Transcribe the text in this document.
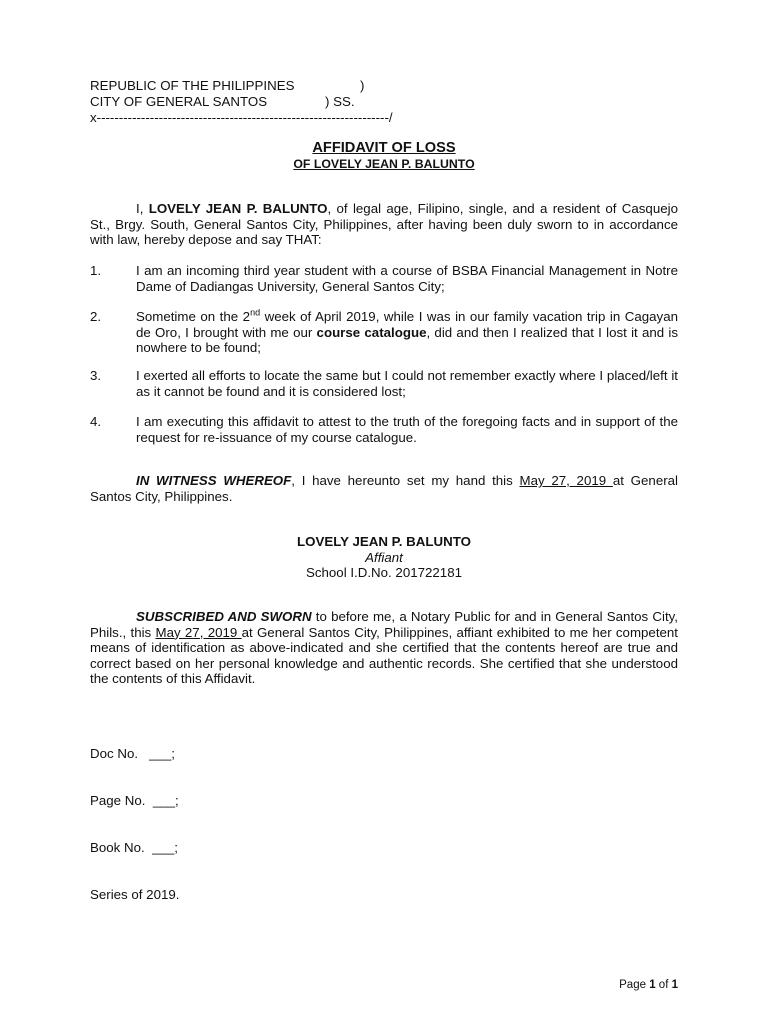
REPUBLIC OF THE PHILIPPINES	)
CITY OF GENERAL SANTOS	) SS.
x------------------------------------------------------------------/
AFFIDAVIT OF LOSS
OF LOVELY JEAN P. BALUNTO
I, LOVELY JEAN P. BALUNTO, of legal age, Filipino, single, and a resident of Casquejo St., Brgy. South, General Santos City, Philippines, after having been duly sworn to in accordance with law, hereby depose and say THAT:
1.	I am an incoming third year student with a course of BSBA Financial Management in Notre Dame of Dadiangas University, General Santos City;
2.	Sometime on the 2nd week of April 2019, while I was in our family vacation trip in Cagayan de Oro, I brought with me our course catalogue, did and then I realized that I lost it and is nowhere to be found;
3.	I exerted all efforts to locate the same but I could not remember exactly where I placed/left it as it cannot be found and it is considered lost;
4.	I am executing this affidavit to attest to the truth of the foregoing facts and in support of the request for re-issuance of my course catalogue.
IN WITNESS WHEREOF, I have hereunto set my hand this May 27, 2019 at General Santos City, Philippines.
LOVELY JEAN P. BALUNTO
Affiant
School I.D.No. 201722181
SUBSCRIBED AND SWORN to before me, a Notary Public for and in General Santos City, Phils., this May 27, 2019 at General Santos City, Philippines, affiant exhibited to me her competent means of identification as above-indicated and she certified that the contents hereof are true and correct based on her personal knowledge and authentic records. She certified that she understood the contents of this Affidavit.

Doc No.   ___;

Page No.  ___;

Book No.  ___;

Series of 2019.

Page 1 of 1
